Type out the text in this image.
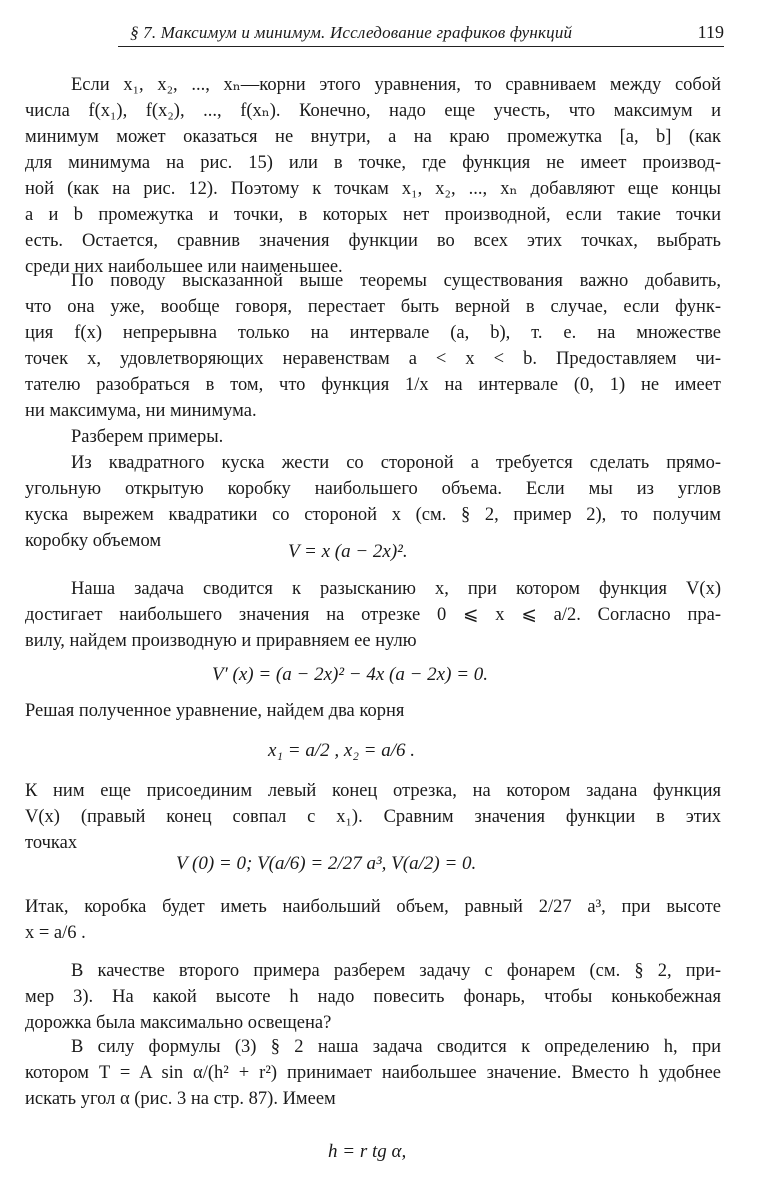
§ 7. Максимум и минимум. Исследование графиков функций	119
Если x₁, x₂, ..., xₙ—корни этого уравнения, то сравниваем между собой
числа f(x₁), f(x₂), ..., f(xₙ). Конечно, надо еще учесть, что максимум и
минимум может оказаться не внутри, а на краю промежутка [a, b] (как
для минимума на рис. 15) или в точке, где функция не имеет производ-
ной (как на рис. 12). Поэтому к точкам x₁, x₂, ..., xₙ добавляют еще концы
a и b промежутка и точки, в которых нет производной, если такие точки
есть. Остается, сравнив значения функции во всех этих точках, выбрать
среди них наибольшее или наименьшее.
По поводу высказанной выше теоремы существования важно добавить,
что она уже, вообще говоря, перестает быть верной в случае, если функ-
ция f(x) непрерывна только на интервале (a, b), т. е. на множестве
точек x, удовлетворяющих неравенствам a < x < b. Предоставляем чи-
тателю разобраться в том, что функция 1/x на интервале (0, 1) не имеет
ни максимума, ни минимума.
Разберем примеры.
Из квадратного куска жести со стороной a требуется сделать прямо-
угольную открытую коробку наибольшего объема. Если мы из углов
куска вырежем квадратики со стороной x (см. § 2, пример 2), то получим
коробку объемом	V = x (a − 2x)².
Наша задача сводится к разысканию x, при котором функция V(x)
достигает наибольшего значения на отрезке 0 ⩽ x ⩽ a/2. Согласно пра-
вилу, найдем производную и приравняем ее нулю
V′ (x) = (a − 2x)² − 4x (a − 2x) = 0.
Решая полученное уравнение, найдем два корня
x₁ = a/2 , x₂ = a/6 .
К ним еще присоединим левый конец отрезка, на котором задана функция
V(x) (правый конец совпал с x₁). Сравним значения функции в этих
точках
V (0) = 0; V(a/6) = 2/27 a³, V(a/2) = 0.
Итак, коробка будет иметь наибольший объем, равный 2/27 a³, при высоте
x = a/6 .
В качестве второго примера разберем задачу с фонарем (см. § 2, при-
мер 3). На какой высоте h надо повесить фонарь, чтобы конькобежная
дорожка была максимально освещена?
В силу формулы (3) § 2 наша задача сводится к определению h, при
котором T = A sin α/(h² + r²) принимает наибольшее значение. Вместо h удобнее
искать угол α (рис. 3 на стр. 87). Имеем
h = r tg α,
